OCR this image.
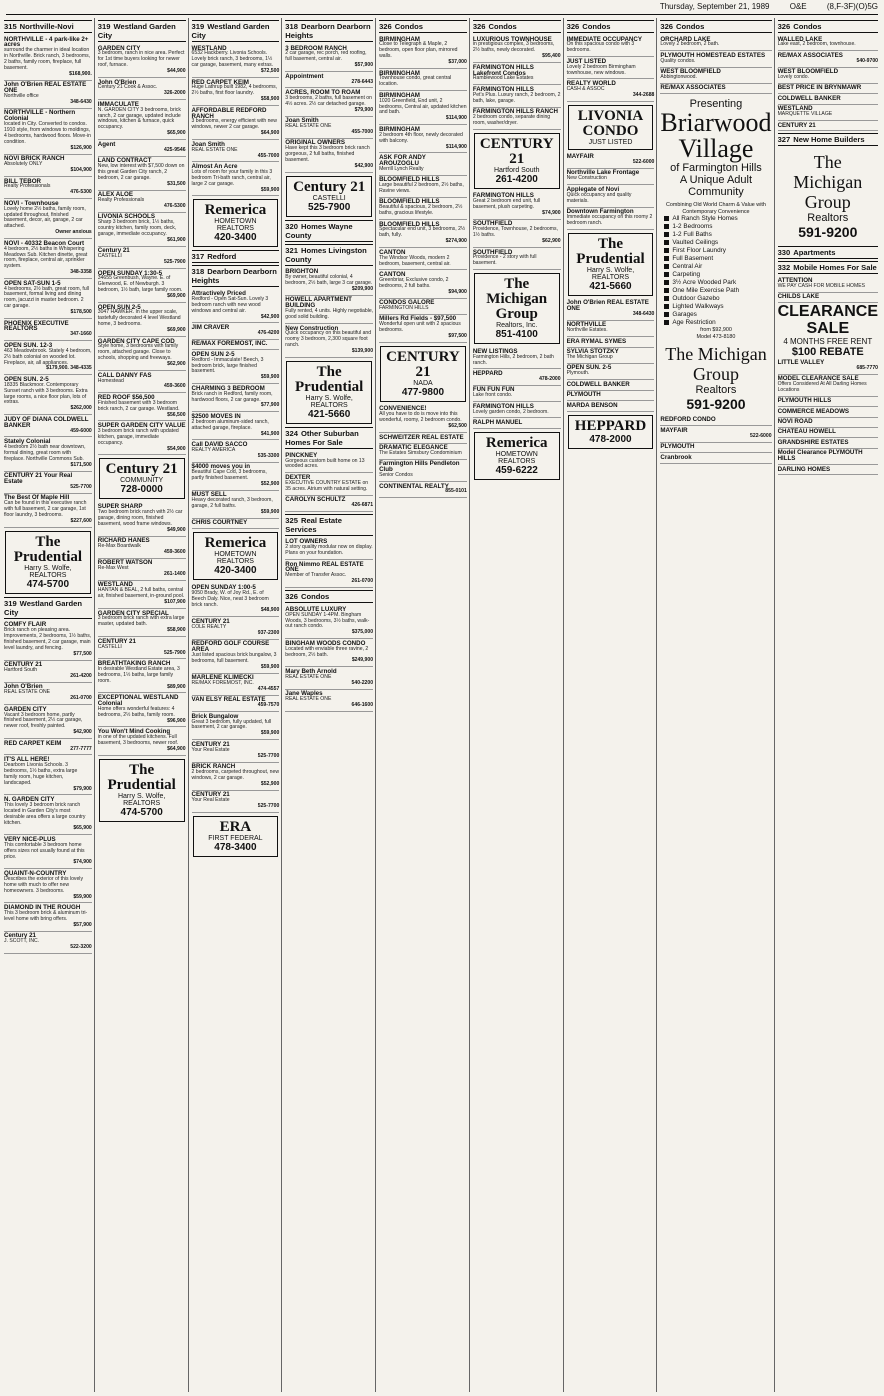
Thursday, September 21, 1989	O&E	(8,F-3F)(O)5G
315 Northville-Novi
NORTHVILLE - 4 park-like 2+ acres
surround the charmer in ideal location in Northville. Brick ranch, 3 bedrooms, 2 baths, family room, fireplace, full basement.
$168,900.
John O'Brien REAL ESTATE ONE
Northville office
348-6430
NORTHVILLE - Northern Colonial
located in City. Converted to condos. 1910 style, from windows to moldings, 4 bedrooms, hardwood floors. Move-in condition.
$126,900
NOVI BRICK RANCH
Absolutely ONLY
$104,900
BILL TEBOR
Realty Professionals
476-5300
NOVI - Townhouse
Lovely home 2½ baths, family room, updated throughout, finished basement, decor, air, garage, 2 car attached.
Owner anxious
NOVI - 40332 Beacon Court
4 bedroom, 2½ baths in Whispering Meadows Sub. Kitchen dinette, great room, fireplace, central air, sprinkler system.
348-3358
OPEN SAT-SUN 1-5
4 bedrooms, 2½ bath, great room, full basement, formal living and dining room, jacuzzi in master bedroom. 2 car garage.
$178,500
PHOENIX EXECUTIVE REALTORS
347-1660
OPEN SUN. 12-3
463 Meadowbrook. Stately 4 bedroom, 2½ bath colonial on wooded lot. Fireplace, air, all appliances.
$179,900. 348-4335
OPEN SUN. 2-5
18335 Blackmoor. Contemporary Sunset ranch with 3 bedrooms. Extra large rooms, a nice floor plan, lots of extras.
$262,000
JUDY OF DIANA COLDWELL BANKER
459-6000
Stately Colonial
4 bedroom 2½ bath near downtown, formal dining, great room with fireplace. Northville Commons Sub.
$171,500
CENTURY 21 Your Real Estate
525-7700
The Best Of Maple Hill
Can be found in this executive ranch with full basement, 2 car garage, 1st floor laundry, 3 bedrooms.
$227,600
The Prudential
Harry S. Wolfe, REALTORS
474-5700
319 Westland Garden City
COMFY FLAIR
Brick ranch on pleasing area. Improvements, 2 bedrooms, 1½ baths, finished basement, 2 car garage, main level laundry, and fencing.
$77,500
CENTURY 21
Hartford South
261-4200
John O'Brien
REAL ESTATE ONE
261-0700
GARDEN CITY
Vacant 3 bedroom home, partly finished basement, 2½ car garage, newer roof, freshly painted.
$42,900
RED CARPET KEIM
277-7777
IT'S ALL HERE!
Dearborn Livonia Schools. 3 bedrooms, 1½ baths, extra large family room, huge kitchen, landscaped.
$79,900
N. GARDEN CITY
This lovely 3 bedroom brick ranch located in Garden City's most desirable area offers a large country kitchen.
$65,900
VERY NICE-PLUS
This comfortable 3 bedroom home offers sizes not usually found at this price.
$74,900
QUAINT-N-COUNTRY
Describes the exterior of this lovely home with much to offer new homeowners. 3 bedrooms.
$59,900
DIAMOND IN THE ROUGH
This 3 bedroom brick & aluminum tri-level home with bring offers.
$57,900
Century 21
J. SCOTT, INC.
522-3200
319 Westland Garden City
GARDEN CITY
3 bedroom, ranch in nice area. Perfect for 1st time buyers looking for newer roof, furnace.
$44,900
John O'Brien
Century 21 Cook & Assoc.
326-2000
IMMACULATE
N. GARDEN CITY 3 bedrooms, brick ranch, 2 car garage, updated include windows, kitchen & furnace, quick occupancy.
$65,900
Agent
425-9546
LAND CONTRACT
New, low interest with $7,500 down on this great Garden City ranch, 2 bedroom, 2 car garage.
$31,500
ALEX ALOE
Realty Professionals
476-5300
LIVONIA SCHOOLS
Sharp 3 bedroom brick, 1½ baths, country kitchen, family room, deck, garage, immediate occupancy.
$61,900
Century 21
CASTELLI
525-7900
OPEN SUNDAY 1:30-5
34655 Greenbush, Wayne. E. of Glenwood, E. of Newburgh. 3 bedroom, 1½ bath, large family room.
$69,900
OPEN SUN 2-5
3047 HAWKER. In the upper scale, tastefully decorated 4 level Westland home, 3 bedrooms.
$69,900
GARDEN CITY CAPE COD
Style home, 3 bedrooms with family room, attached garage. Close to schools, shopping and freeways.
$62,900
CALL DANNY FAS
Homestead
459-3600
RED ROOF $56,500
Finished basement with 3 bedroom brick ranch, 2 car garage. Westland.
$56,500
SUPER GARDEN CITY VALUE
3 bedroom brick ranch with updated kitchen, garage, immediate occupancy.
$54,900
Century 21
COMMUNITY
728-0000
SUPER SHARP
Two bedroom brick ranch with 2½ car garage, dining room, finished basement, wood frame windows.
$49,900
RICHARD HANES
Re-Max Boardwalk
459-3600
ROBERT WATSON
Re-Max West
261-1400
WESTLAND
HANTAN & BEAL, 2 full baths, central air, finished basement, in-ground pool.
$107,900
GARDEN CITY SPECIAL
3 bedroom brick ranch with extra large master, updated bath.
$58,900
CENTURY 21
CASTELLI
525-7900
BREATHTAKING RANCH
In desirable Westland Estate area, 3 bedrooms, 1½ baths, large family room.
$89,900
EXCEPTIONAL WESTLAND Colonial
Home offers wonderful features: 4 bedrooms, 2½ baths, family room.
$96,900
You Won't Mind Cooking
in one of the updated kitchens. Full basement, 3 bedrooms, newer roof.
$64,900
The Prudential
Harry S. Wolfe, REALTORS
474-5700
319 Westland Garden City
WESTLAND
6532 Hackberry. Livonia Schools. Lovely brick ranch, 3 bedrooms, 1½ car garage, basement, many extras.
$72,500
RED CARPET KEIM
Huge Lathrup built 1982, 4 bedrooms, 2½ baths, first floor laundry.
$58,900
AFFORDABLE REDFORD RANCH
3 bedrooms, energy efficient with new windows, newer 2 car garage.
$64,900
Joan Smith
REAL ESTATE ONE
455-7000
Almost An Acre
Lots of room for your family in this 3 bedroom Tri-bath ranch, central air, large 2 car garage.
$59,900
Remerica
HOMETOWN REALTORS
420-3400
317 Redford
318 Dearborn Dearborn Heights
Attractively Priced
Redford - Open Sat-Sun. Lovely 3 bedroom ranch with new wood windows and central air.
$42,900
JIM CRAVER
476-4200
RE/MAX FOREMOST, INC.
OPEN SUN 2-5
Redford - Immaculate! Beech, 3 bedroom brick, large finished basement.
$59,900
CHARMING 3 BEDROOM
Brick ranch in Redford, family room, hardwood floors, 2 car garage.
$77,900
$2500 MOVES IN
2 bedroom aluminum-sided ranch, attached garage, fireplace.
$41,900
Call DAVID SACCO
REALTY AMERICA
535-3300
$4000 moves you in
Beautiful Cape Cod, 3 bedrooms, partly finished basement.
$52,900
MUST SELL
Heavy decorated ranch, 3 bedroom, garage, 2 full baths.
$59,900
CHRIS COURTNEY
Remerica
HOMETOWN REALTORS
420-3400
OPEN SUNDAY 1:00-5
9050 Brady, W. of Joy Rd., E. of Beech Daly. Nice, neat 3 bedroom brick ranch.
$48,900
CENTURY 21
COLE REALTY
937-2300
REDFORD GOLF COURSE AREA
Just listed spacious brick bungalow, 3 bedrooms, full basement.
$59,900
MARLENE KLIMECKI
RE/MAX FOREMOST, INC.
474-4557
VAN ELSY REAL ESTATE
459-7570
Brick Bungalow
Great 3 bedroom, fully updated, full basement, 2 car garage.
$59,900
CENTURY 21
Your Real Estate
525-7700
BRICK RANCH
2 bedrooms, carpeted throughout, new windows, 2 car garage.
$52,900
CENTURY 21
Your Real Estate
525-7700
ERA
FIRST FEDERAL
478-3400
318 Dearborn Dearborn Heights
3 BEDROOM RANCH
2 car garage, rec porch, red roofing, full basement, central air.
$57,900
Appointment
278-6443
ACRES, ROOM TO ROAM
3 bedrooms, 2 baths, full basement on 4½ acres. 2½ car detached garage.
$79,900
Joan Smith
REAL ESTATE ONE
455-7000
ORIGINAL OWNERS
Have kept this 3 bedroom brick ranch gorgeous, 2 full baths, finished basement.
$42,900
Century 21
CASTELLI
525-7900
320 Homes Wayne County
321 Homes Livingston County
BRIGHTON
By owner, beautiful colonial, 4 bedroom, 2½ bath, large 3 car garage.
$209,900
HOWELL APARTMENT BUILDING
Fully rented, 4 units. Highly negotiable, good solid building.
New Construction
Quick occupancy on this beautiful and roomy 3 bedroom, 2,300 square foot ranch.
$139,900
The Prudential
Harry S. Wolfe, REALTORS
421-5660
324 Other Suburban Homes For Sale
PINCKNEY
Gorgeous custom built home on 13 wooded acres.
DEXTER
EXECUTIVE COUNTRY ESTATE on 35 acres. Atrium with natural setting.
CAROLYN SCHULTZ
426-6871
325 Real Estate Services
LOT OWNERS
2 story quality modular now on display. Plans on your foundation.
Ron Nimmo REAL ESTATE ONE
Member of Transfer Assoc.
261-0700
326 Condos
ABSOLUTE LUXURY
OPEN SUNDAY 1-4PM. Bingham Woods, 3 bedrooms, 3½ baths, walk-out ranch condo.
$375,000
BINGHAM WOODS CONDO
Located with enviable three ravine, 2 bedroom, 2½ bath.
$249,900
Mary Beth Arnold
REAL ESTATE ONE
540-2200
Jane Waples
REAL ESTATE ONE
646-1600
326 Condos
BIRMINGHAM
Close to Telegraph & Maple, 2 bedroom, open floor plan, mirrored walls.
$37,000
BIRMINGHAM
Townhouse condo, great central location.
BIRMINGHAM
1020 Greenfield, End unit, 2 bedrooms, Central air, updated kitchen and bath.
$114,900
BIRMINGHAM
2 bedroom 4th floor, newly decorated with balcony.
$114,900
ASK FOR ANDY AROUZOGLU
Merrill Lynch Realty
BLOOMFIELD HILLS
Large beautiful 2 bedroom, 2½ baths, Ravine views.
BLOOMFIELD HILLS
Beautiful & spacious, 2 bedroom, 2½ baths, gracious lifestyle.
BLOOMFIELD HILLS
Spectacular end unit, 3 bedrooms, 2½ bath, fully.
$274,900
CANTON
The Windsor Woods, modern 2 bedroom, basement, central air.
CANTON
Greenbriar, Exclusive condo, 2 bedrooms, 2 full baths.
$94,900
CONDOS GALORE
FARMINGTON HILLS
Millers Rd Fields - $97,500
Wonderful open unit with 2 spacious bedrooms.
$97,500
CENTURY 21
NADA
477-9800
CONVENIENCE!
All you have to do is move into this wonderful, roomy, 2 bedroom condo.
$62,500
SCHWEITZER REAL ESTATE
DRAMATIC ELEGANCE
The Estates Simsbury Condominium
Farmington Hills Pendleton Club
Senior Condos
CONTINENTAL REALTY
855-0101
326 Condos
LUXURIOUS TOWNHOUSE
in prestigious complex, 3 bedrooms, 2½ baths, newly decorated.
$95,400
FARMINGTON HILLS Lakefront Condos
Ramblewood Lake Estates
FARMINGTON HILLS
Pet's Plus. Luxury ranch, 2 bedroom, 2 bath, lake, garage.
FARMINGTON HILLS RANCH
2 bedroom condo, separate dining room, washer/dryer.
CENTURY 21
Hartford South
261-4200
FARMINGTON HILLS
Great 2 bedroom end unit, full basement, plush carpeting.
$74,900
SOUTHFIELD
Providence, Townhouse, 2 bedrooms, 1½ baths.
$62,900
SOUTHFIELD
Providence - 2 story with full basement.
The Michigan Group
Realtors, Inc.
851-4100
NEW LISTINGS
Farmington Hills, 2 bedroom, 2 bath ranch.
HEPPARD
478-2000
FUN FUN FUN
Lake front condo.
FARMINGTON HILLS
Lovely garden condo, 2 bedroom.
RALPH MANUEL
Remerica
HOMETOWN REALTORS
459-6222
326 Condos
IMMEDIATE OCCUPANCY
On this spacious condo with 3 bedrooms.
JUST LISTED
Lovely 2 bedroom Birmingham townhouse, new windows.
REALTY WORLD
CASH & ASSOC
344-2688
LIVONIA CONDO
JUST LISTED
MAYFAIR
522-6000
Northville Lake Frontage
New Construction
Applegate of Novi
Quick occupancy and quality materials.
Downtown Farmington
Immediate occupancy on this roomy 2 bedroom ranch.
The Prudential
Harry S. Wolfe, REALTORS
421-5660
John O'Brien REAL ESTATE ONE
348-6430
NORTHVILLE
Northville Estates.
ERA RYMAL SYMES
SYLVIA STOTZKY
The Michigan Group
OPEN SUN. 2-5
Plymouth.
COLDWELL BANKER
PLYMOUTH
MARDA BENSON
HEPPARD
478-2000
326 Condos
ORCHARD LAKE
Lovely 2 bedroom, 2 bath.
PLYMOUTH HOMESTEAD ESTATES
Quality condos.
WEST BLOOMFIELD
Abbingtonwood.
RE/MAX ASSOCIATES
Presenting
Briarwood
Village
of Farmington Hills
A Unique Adult
Community
Combining Old World Charm & Value with Contemporary Convenience
All Ranch Style Homes
1-2 Bedrooms
1-2 Full Baths
Vaulted Ceilings
First Floor Laundry
Full Basement
Central Air
Carpeting
3½ Acre Wooded Park
One Mile Exercise Path
Outdoor Gazebo
Lighted Walkways
Garages
Age Restriction
from $92,900
Model 473-8180
The Michigan Group
Realtors
591-9200
REDFORD CONDO
MAYFAIR
522-6000
PLYMOUTH
Cranbrook
326 Condos
WALLED LAKE
Lake east, 2 bedroom, townhouse.
RE/MAX ASSOCIATES
540-9700
WEST BLOOMFIELD
Lovely condo.
BEST PRICE IN BRYNMAWR
COLDWELL BANKER
WESTLAND
MARQUETTE VILLAGE
CENTURY 21
327 New Home Builders
The Michigan Group
Realtors
591-9200
330 Apartments
332 Mobile Homes For Sale
ATTENTION
WE PAY CASH FOR MOBILE HOMES
CHILDS LAKE
CLEARANCE SALE
4 MONTHS FREE RENT
$100 REBATE
LITTLE VALLEY
685-7770
MODEL CLEARANCE SALE
Offers Considered At All Darling Homes Locations
PLYMOUTH HILLS
COMMERCE MEADOWS
NOVI ROAD
CHATEAU HOWELL
GRANDSHIRE ESTATES
Model Clearance PLYMOUTH HILLS
DARLING HOMES
